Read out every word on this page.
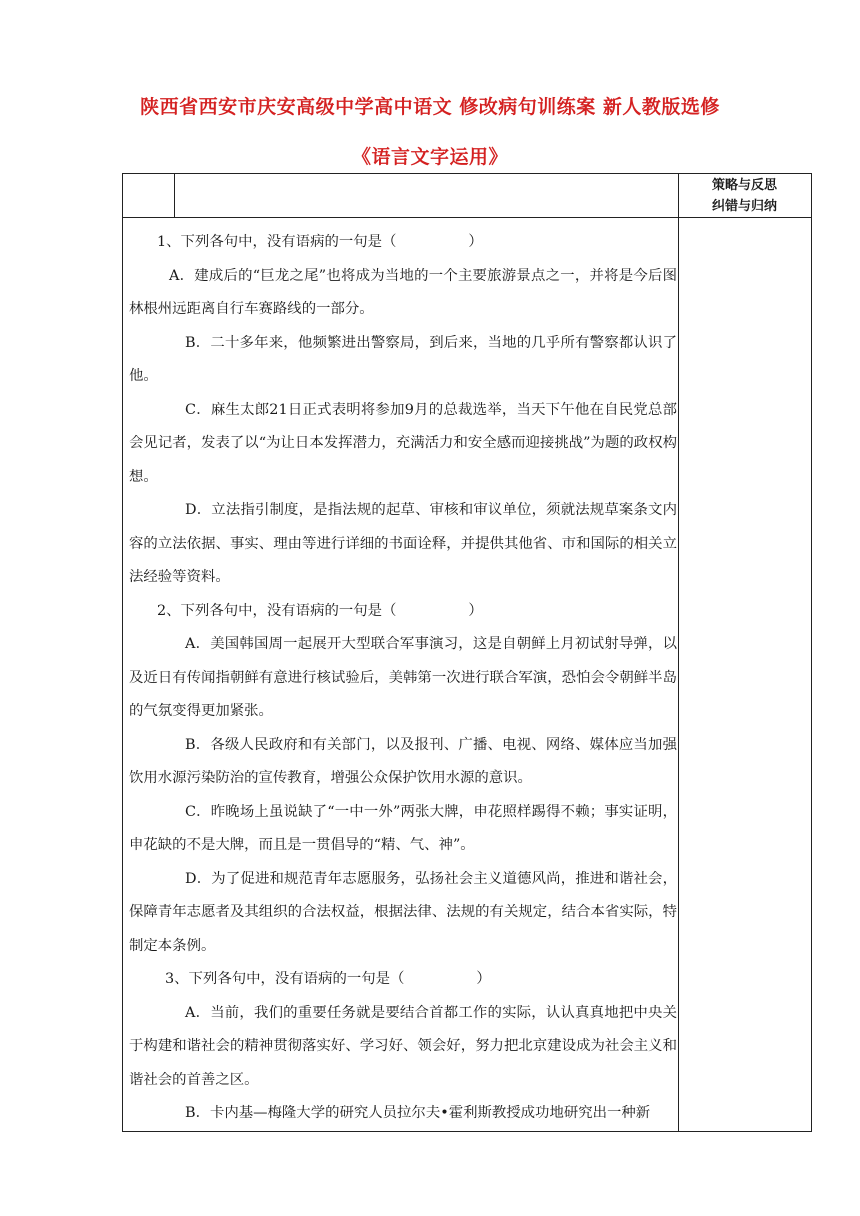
陕西省西安市庆安高级中学高中语文 修改病句训练案 新人教版选修
《语言文字运用》
策略与反思
纠错与归纳

1、下列各句中，没有语病的一句是（　　　　　）

A．建成后的“巨龙之尾”也将成为当地的一个主要旅游景点之一，并将是今后图林根州远距离自行车赛路线的一部分。

B．二十多年来，他频繁进出警察局，到后来，当地的几乎所有警察都认识了他。

C．麻生太郎21日正式表明将参加9月的总裁选举，当天下午他在自民党总部会见记者，发表了以“为让日本发挥潜力，充满活力和安全感而迎接挑战”为题的政权构想。

D．立法指引制度，是指法规的起草、审核和审议单位，须就法规草案条文内容的立法依据、事实、理由等进行详细的书面诠释，并提供其他省、市和国际的相关立法经验等资料。

2、下列各句中，没有语病的一句是（　　　　　）

A．美国韩国周一起展开大型联合军事演习，这是自朝鲜上月初试射导弹，以及近日有传闻指朝鲜有意进行核试验后，美韩第一次进行联合军演，恐怕会令朝鲜半岛的气氛变得更加紧张。

B．各级人民政府和有关部门，以及报刊、广播、电视、网络、媒体应当加强饮用水源污染防治的宣传教育，增强公众保护饮用水源的意识。

C．昨晚场上虽说缺了“一中一外”两张大牌，申花照样踢得不赖；事实证明，申花缺的不是大牌，而且是一贯倡导的“精、气、神”。

D．为了促进和规范青年志愿服务，弘扬社会主义道德风尚，推进和谐社会，保障青年志愿者及其组织的合法权益，根据法律、法规的有关规定，结合本省实际，特制定本条例。

3、下列各句中，没有语病的一句是（　　　　　）

A．当前，我们的重要任务就是要结合首都工作的实际，认认真真地把中央关于构建和谐社会的精神贯彻落实好、学习好、领会好，努力把北京建设成为社会主义和谐社会的首善之区。

B．卡内基—梅隆大学的研究人员拉尔夫•霍利斯教授成功地研究出一种新
